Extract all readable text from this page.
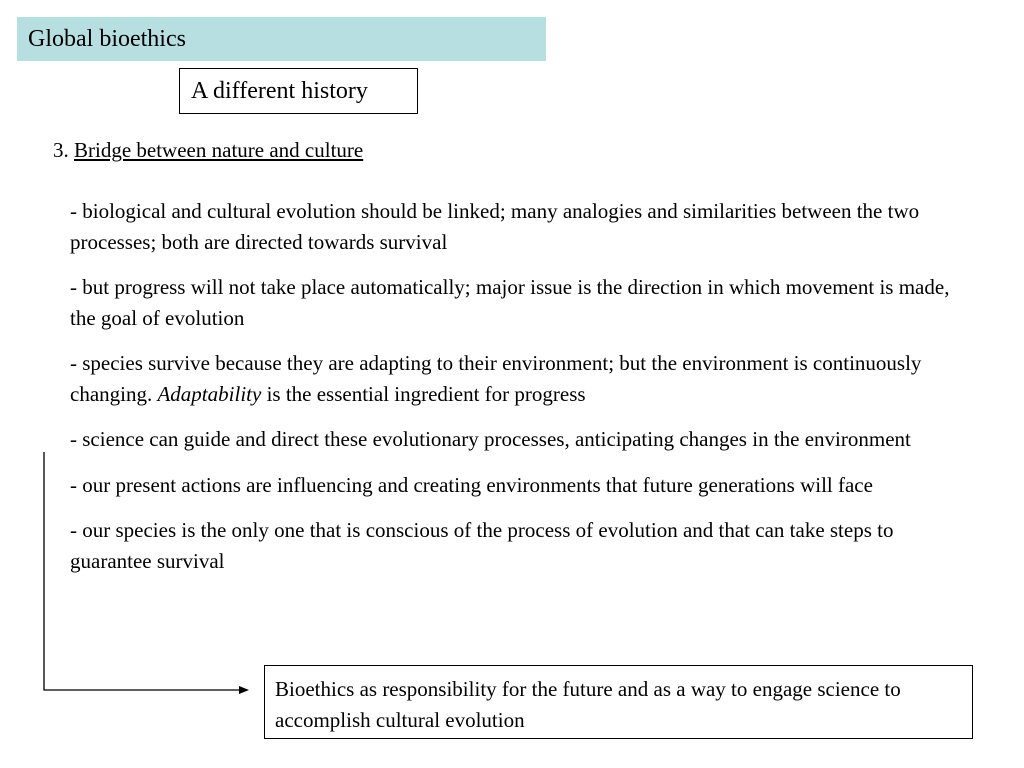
Global bioethics
A different history
3. Bridge between nature and culture
- biological and cultural evolution should be linked; many analogies and similarities between the two processes; both are directed towards survival
- but progress will not take place automatically; major issue is the direction in which movement is made, the goal of evolution
- species survive because they are adapting to their environment; but the environment is continuously changing. Adaptability is the essential ingredient for progress
- science can guide and direct these evolutionary processes, anticipating changes in the environment
- our present actions are influencing and creating environments that future generations will face
- our species is the only one that is conscious of the process of evolution and that can take steps to guarantee survival
Bioethics as responsibility for the future and as a way to engage science to accomplish cultural evolution
